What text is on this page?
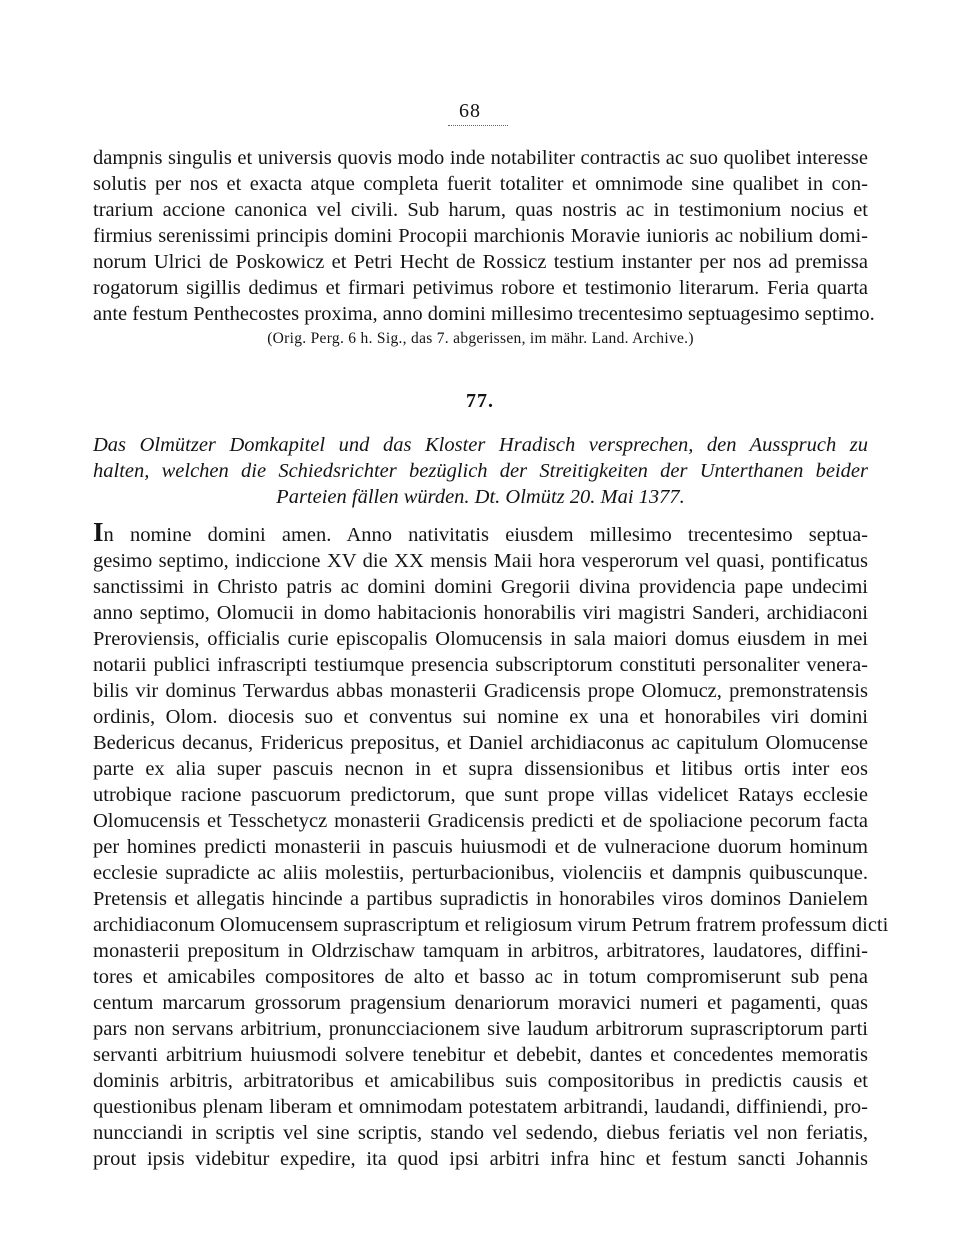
68
dampnis singulis et universis quovis modo inde notabiliter contractis ac suo quolibet interesse
solutis per nos et exacta atque completa fuerit totaliter et omnimode sine qualibet in con-
trarium accione canonica vel civili. Sub harum, quas nostris ac in testimonium nocius et
firmius serenissimi principis domini Procopii marchionis Moravie iunioris ac nobilium domi-
norum Ulrici de Poskowicz et Petri Hecht de Rossicz testium instanter per nos ad premissa
rogatorum sigillis dedimus et firmari petivimus robore et testimonio literarum. Feria quarta
ante festum Penthecostes proxima, anno domini millesimo trecentesimo septuagesimo septimo.
(Orig. Perg. 6 h. Sig., das 7. abgerissen, im mähr. Land. Archive.)
77.
Das Olmützer Domkapitel und das Kloster Hradisch versprechen, den Ausspruch zu
halten, welchen die Schiedsrichter bezüglich der Streitigkeiten der Unterthanen beider
Parteien fällen würden. Dt. Olmütz 20. Mai 1377.
In nomine domini amen. Anno nativitatis eiusdem millesimo trecentesimo septua-
gesimo septimo, indiccione XV die XX mensis Maii hora vesperorum vel quasi, pontificatus
sanctissimi in Christo patris ac domini domini Gregorii divina providencia pape undecimi
anno septimo, Olomucii in domo habitacionis honorabilis viri magistri Sanderi, archidiaconi
Preroviensis, officialis curie episcopalis Olomucensis in sala maiori domus eiusdem in mei
notarii publici infrascripti testiumque presencia subscriptorum constituti personaliter venera-
bilis vir dominus Terwardus abbas monasterii Gradicensis prope Olomucz, premonstratensis
ordinis, Olom. diocesis suo et conventus sui nomine ex una et honorabiles viri domini
Bedericus decanus, Fridericus prepositus, et Daniel archidiaconus ac capitulum Olomucense
parte ex alia super pascuis necnon in et supra dissensionibus et litibus ortis inter eos
utrobique racione pascuorum predictorum, que sunt prope villas videlicet Ratays ecclesie
Olomucensis et Tesschetycz monasterii Gradicensis predicti et de spoliacione pecorum facta
per homines predicti monasterii in pascuis huiusmodi et de vulneracione duorum hominum
ecclesie supradicte ac aliis molestiis, perturbacionibus, violenciis et dampnis quibuscunque.
Pretensis et allegatis hincinde a partibus supradictis in honorabiles viros dominos Danielem
archidiaconum Olomucensem suprascriptum et religiosum virum Petrum fratrem professum dicti
monasterii prepositum in Oldrzischaw tamquam in arbitros, arbitratores, laudatores, diffini-
tores et amicabiles compositores de alto et basso ac in totum compromiserunt sub pena
centum marcarum grossorum pragensium denariorum moravici numeri et pagamenti, quas
pars non servans arbitrium, pronuncciacionem sive laudum arbitrorum suprascriptorum parti
servanti arbitrium huiusmodi solvere tenebitur et debebit, dantes et concedentes memoratis
dominis arbitris, arbitratoribus et amicabilibus suis compositoribus in predictis causis et
questionibus plenam liberam et omnimodam potestatem arbitrandi, laudandi, diffiniendi, pro-
nuncciandi in scriptis vel sine scriptis, stando vel sedendo, diebus feriatis vel non feriatis,
prout ipsis videbitur expedire, ita quod ipsi arbitri infra hinc et festum sancti Johannis
